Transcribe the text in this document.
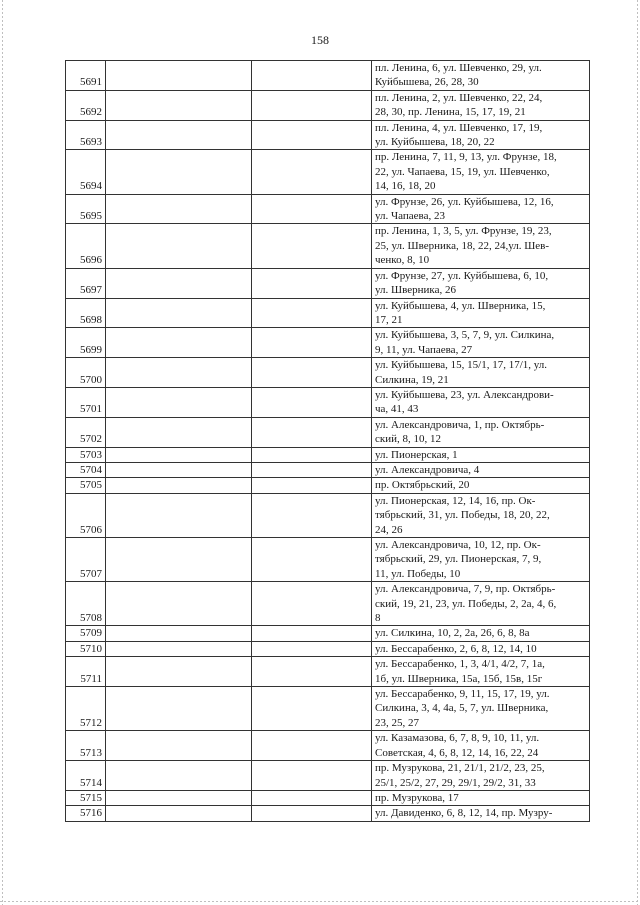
158
5691			пл. Ленина, 6, ул. Шевченко, 29, ул.
Куйбышева, 26, 28, 30
5692			пл. Ленина, 2, ул. Шевченко, 22, 24,
28, 30, пр. Ленина, 15, 17, 19, 21
5693			пл. Ленина, 4, ул. Шевченко, 17, 19,
ул. Куйбышева, 18, 20, 22
5694			пр. Ленина, 7, 11, 9, 13, ул. Фрунзе, 18,
22, ул. Чапаева, 15, 19, ул. Шевченко,
14, 16, 18, 20
5695			ул. Фрунзе, 26, ул. Куйбышева, 12, 16,
ул. Чапаева, 23
5696			пр. Ленина, 1, 3, 5, ул. Фрунзе, 19, 23,
25, ул. Шверника, 18, 22, 24,ул. Шев-
ченко, 8, 10
5697			ул. Фрунзе, 27, ул. Куйбышева, 6, 10,
ул. Шверника, 26
5698			ул. Куйбышева, 4, ул. Шверника, 15,
17, 21
5699			ул. Куйбышева, 3, 5, 7, 9, ул. Силкина,
9, 11, ул. Чапаева, 27
5700			ул. Куйбышева, 15, 15/1, 17, 17/1, ул.
Силкина, 19, 21
5701			ул. Куйбышева, 23, ул. Александрови-
ча, 41, 43
5702			ул. Александровича, 1, пр. Октябрь-
ский, 8, 10, 12
5703			ул. Пионерская, 1
5704			ул. Александровича, 4
5705			пр. Октябрьский, 20
5706			ул. Пионерская, 12, 14, 16, пр. Ок-
тябрьский, 31, ул. Победы, 18, 20, 22,
24, 26
5707			ул. Александровича, 10, 12, пр. Ок-
тябрьский, 29, ул. Пионерская, 7, 9,
11, ул. Победы, 10
5708			ул. Александровича, 7, 9, пр. Октябрь-
ский, 19, 21, 23, ул. Победы, 2, 2а, 4, 6,
8
5709			ул. Силкина, 10, 2, 2а, 26, 6, 8, 8а
5710			ул. Бессарабенко, 2, 6, 8, 12, 14, 10
5711			ул. Бессарабенко, 1, 3, 4/1, 4/2, 7, 1а,
1б, ул. Шверника, 15а, 15б, 15в, 15г
5712			ул. Бессарабенко, 9, 11, 15, 17, 19, ул.
Силкина, 3, 4, 4а, 5, 7, ул. Шверника,
23, 25, 27
5713			ул. Казамазова, 6, 7, 8, 9, 10, 11, ул.
Советская, 4, 6, 8, 12, 14, 16, 22, 24
5714			пр. Музрукова, 21, 21/1, 21/2, 23, 25,
25/1, 25/2, 27, 29, 29/1, 29/2, 31, 33
5715			пр. Музрукова, 17
5716			ул. Давиденко, 6, 8, 12, 14, пр. Музру-
